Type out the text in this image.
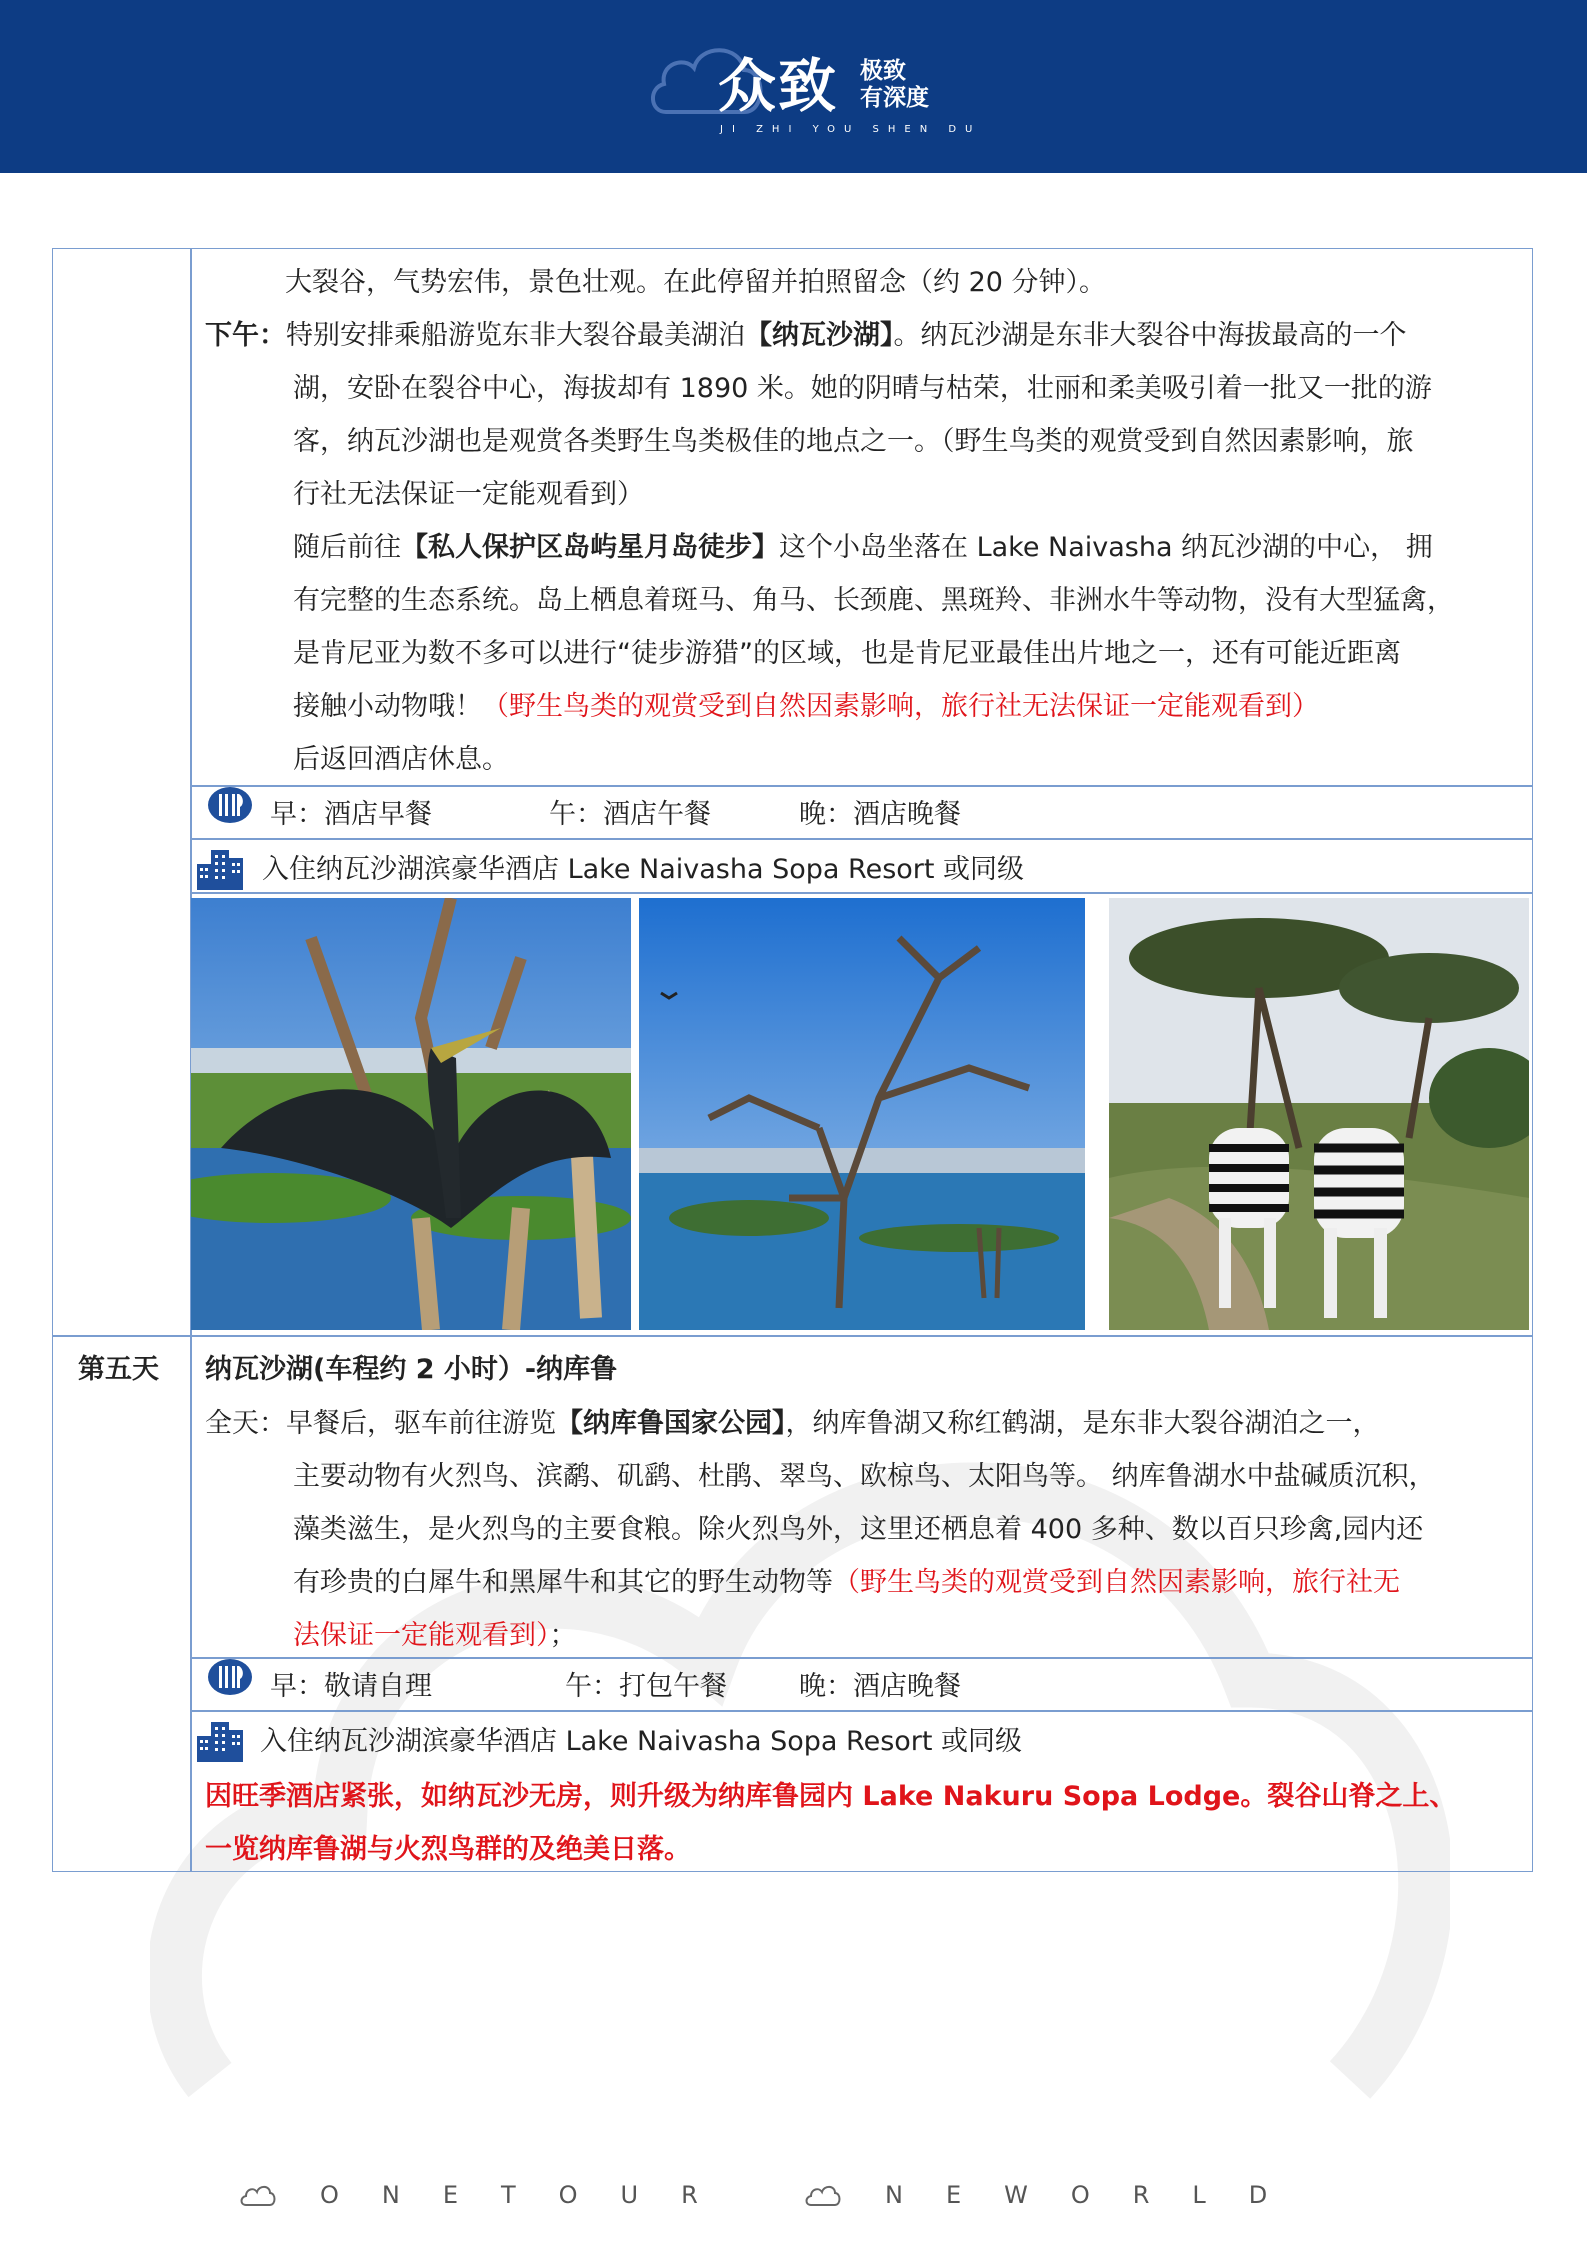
众致 极致
有深度
JI ZHI YOU SHEN DU
大裂谷，气势宏伟，景色壮观。在此停留并拍照留念（约 20 分钟）。
下午：特别安排乘船游览东非大裂谷最美湖泊【纳瓦沙湖】。纳瓦沙湖是东非大裂谷中海拔最高的一个
湖，安卧在裂谷中心，海拔却有 1890 米。她的阴晴与枯荣，壮丽和柔美吸引着一批又一批的游
客，纳瓦沙湖也是观赏各类野生鸟类极佳的地点之一。（野生鸟类的观赏受到自然因素影响，旅
行社无法保证一定能观看到）
随后前往【私人保护区岛屿星月岛徒步】这个小岛坐落在 Lake Naivasha 纳瓦沙湖的中心， 拥
有完整的生态系统。岛上栖息着斑马、角马、长颈鹿、黑斑羚、非洲水牛等动物，没有大型猛禽，
是肯尼亚为数不多可以进行“徒步游猎”的区域，也是肯尼亚最佳出片地之一，还有可能近距离
接触小动物哦！（野生鸟类的观赏受到自然因素影响，旅行社无法保证一定能观看到）
后返回酒店休息。
早：酒店早餐	午：酒店午餐	晚：酒店晚餐
入住纳瓦沙湖滨豪华酒店 Lake Naivasha Sopa Resort 或同级
第五天 纳瓦沙湖(车程约 2 小时）-纳库鲁
全天：早餐后，驱车前往游览【纳库鲁国家公园】，纳库鲁湖又称红鹤湖，是东非大裂谷湖泊之一，
主要动物有火烈鸟、滨鹬、矶鹞、杜鹃、翠鸟、欧椋鸟、太阳鸟等。 纳库鲁湖水中盐碱质沉积，
藻类滋生，是火烈鸟的主要食粮。除火烈鸟外，这里还栖息着 400 多种、数以百只珍禽,园内还
有珍贵的白犀牛和黑犀牛和其它的野生动物等（野生鸟类的观赏受到自然因素影响，旅行社无
法保证一定能观看到）；
早：敬请自理	午：打包午餐	晚：酒店晚餐
入住纳瓦沙湖滨豪华酒店 Lake Naivasha Sopa Resort 或同级
因旺季酒店紧张，如纳瓦沙无房，则升级为纳库鲁园内 Lake Nakuru Sopa Lodge。裂谷山脊之上、
一览纳库鲁湖与火烈鸟群的及绝美日落。
ONETOUR	NEWORLD
